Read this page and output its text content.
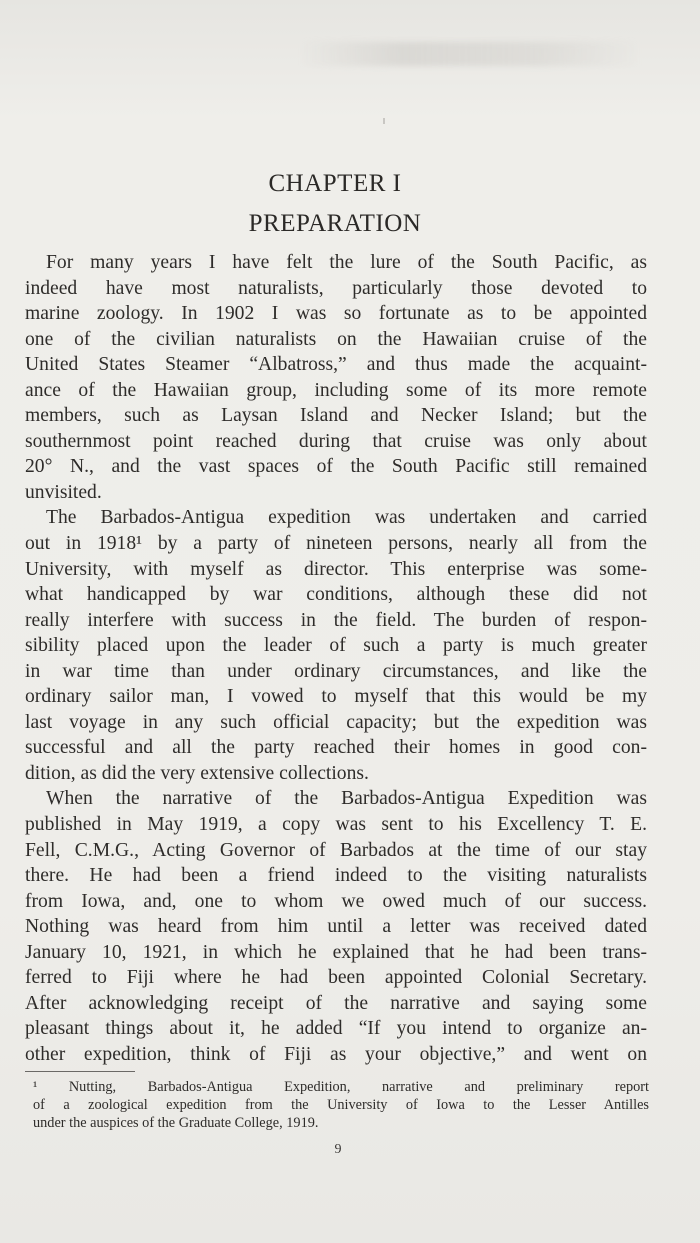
CHAPTER I
PREPARATION
For many years I have felt the lure of the South Pacific, as
indeed have most naturalists, particularly those devoted to
marine zoology. In 1902 I was so fortunate as to be appointed
one of the civilian naturalists on the Hawaiian cruise of the
United States Steamer “Albatross,” and thus made the acquaint-
ance of the Hawaiian group, including some of its more remote
members, such as Laysan Island and Necker Island; but the
southernmost point reached during that cruise was only about
20° N., and the vast spaces of the South Pacific still remained
unvisited.
The Barbados-Antigua expedition was undertaken and carried
out in 1918¹ by a party of nineteen persons, nearly all from the
University, with myself as director. This enterprise was some-
what handicapped by war conditions, although these did not
really interfere with success in the field. The burden of respon-
sibility placed upon the leader of such a party is much greater
in war time than under ordinary circumstances, and like the
ordinary sailor man, I vowed to myself that this would be my
last voyage in any such official capacity; but the expedition was
successful and all the party reached their homes in good con-
dition, as did the very extensive collections.
When the narrative of the Barbados-Antigua Expedition was
published in May 1919, a copy was sent to his Excellency T. E.
Fell, C.M.G., Acting Governor of Barbados at the time of our stay
there. He had been a friend indeed to the visiting naturalists
from Iowa, and, one to whom we owed much of our success.
Nothing was heard from him until a letter was received dated
January 10, 1921, in which he explained that he had been trans-
ferred to Fiji where he had been appointed Colonial Secretary.
After acknowledging receipt of the narrative and saying some
pleasant things about it, he added “If you intend to organize an-
other expedition, think of Fiji as your objective,” and went on
¹ Nutting, Barbados-Antigua Expedition, narrative and preliminary report
of a zoological expedition from the University of Iowa to the Lesser Antilles
under the auspices of the Graduate College, 1919.
9
